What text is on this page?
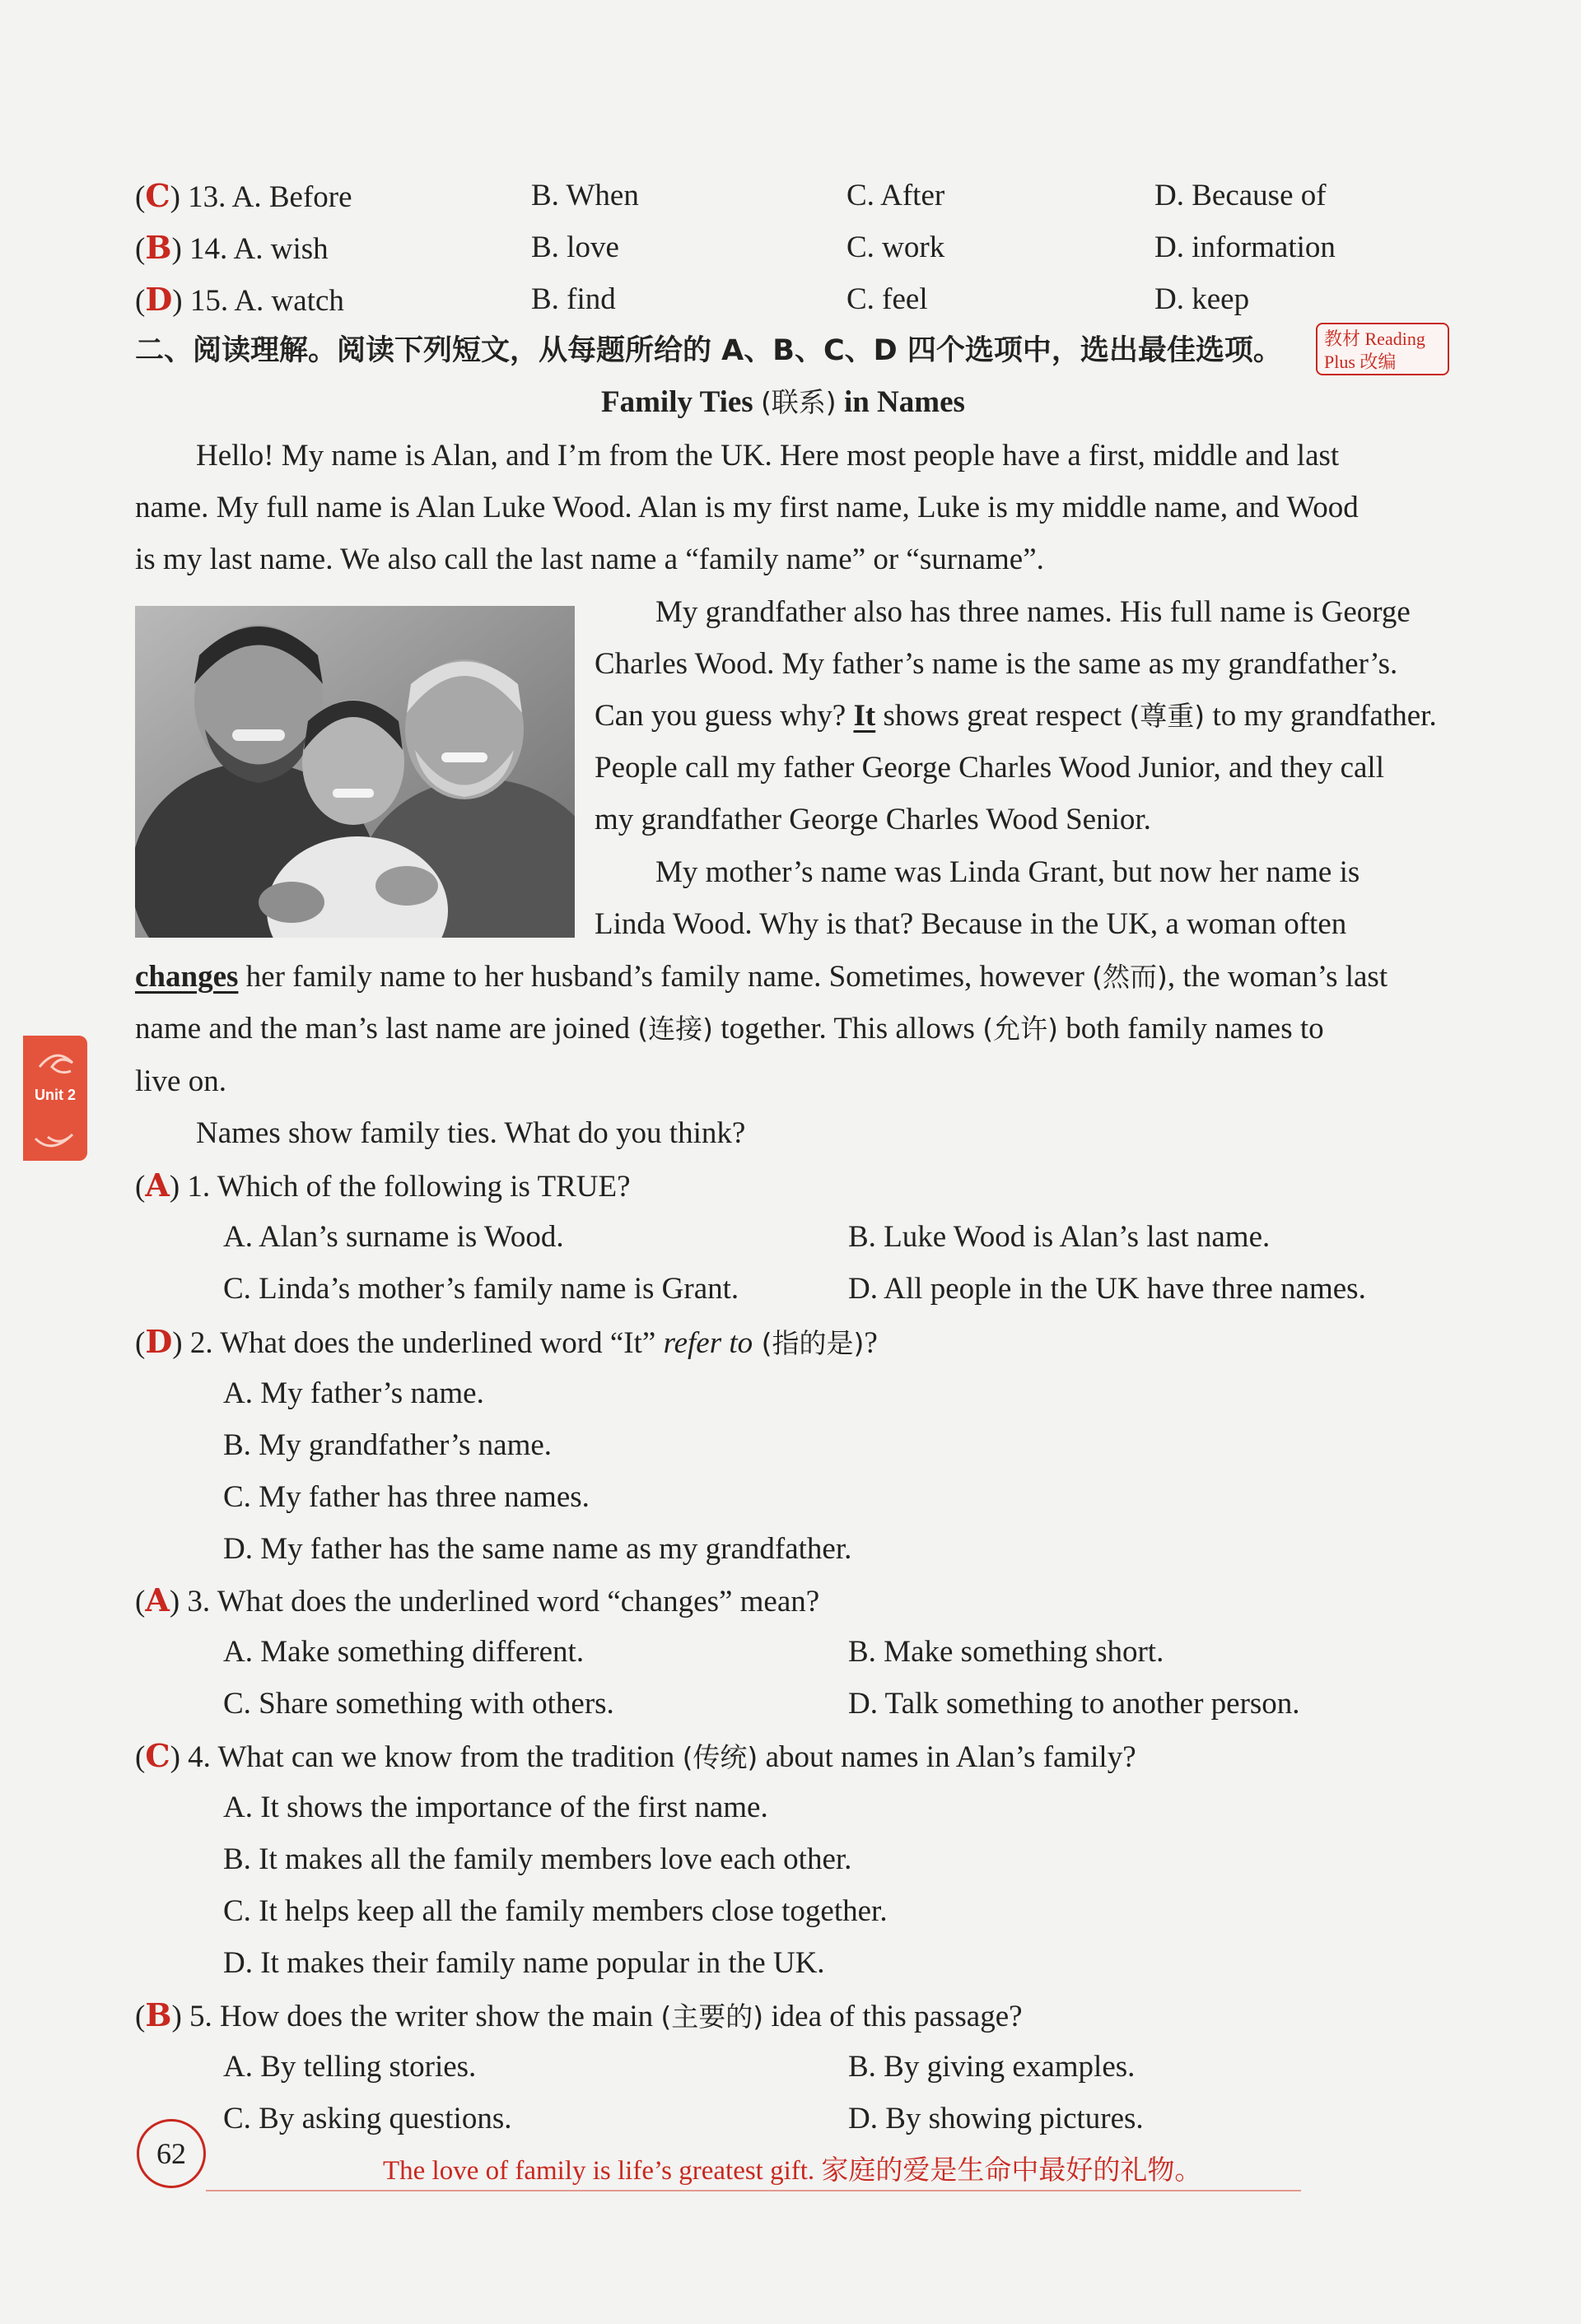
(C) 13. A. Before	B. When	C. After	D. Because of
(B) 14. A. wish	B. love	C. work	D. information
(D) 15. A. watch	B. find	C. feel	D. keep
二、阅读理解。阅读下列短文，从每题所给的 A、B、C、D 四个选项中，选出最佳选项。 教材 Reading
Plus 改编
Family Ties (联系) in Names
Hello! My name is Alan, and I’m from the UK. Here most people have a first, middle and last
name. My full name is Alan Luke Wood. Alan is my first name, Luke is my middle name, and Wood
is my last name. We also call the last name a “family name” or “surname”.
My grandfather also has three names. His full name is George
Charles Wood. My father’s name is the same as my grandfather’s.
Can you guess why? It shows great respect (尊重) to my grandfather.
People call my father George Charles Wood Junior, and they call
my grandfather George Charles Wood Senior.
My mother’s name was Linda Grant, but now her name is
Linda Wood. Why is that? Because in the UK, a woman often
changes her family name to her husband’s family name. Sometimes, however (然而), the woman’s last
name and the man’s last name are joined (连接) together. This allows (允许) both family names to
live on.
Names show family ties. What do you think?
Unit 2
(A) 1. Which of the following is TRUE?
A. Alan’s surname is Wood.	B. Luke Wood is Alan’s last name.
C. Linda’s mother’s family name is Grant.	D. All people in the UK have three names.
(D) 2. What does the underlined word “It” refer to (指的是)?
A. My father’s name.
B. My grandfather’s name.
C. My father has three names.
D. My father has the same name as my grandfather.
(A) 3. What does the underlined word “changes” mean?
A. Make something different.	B. Make something short.
C. Share something with others.	D. Talk something to another person.
(C) 4. What can we know from the tradition (传统) about names in Alan’s family?
A. It shows the importance of the first name.
B. It makes all the family members love each other.
C. It helps keep all the family members close together.
D. It makes their family name popular in the UK.
(B) 5. How does the writer show the main (主要的) idea of this passage?
A. By telling stories.	B. By giving examples.
C. By asking questions.	D. By showing pictures.
62
The love of family is life’s greatest gift. 家庭的爱是生命中最好的礼物。
